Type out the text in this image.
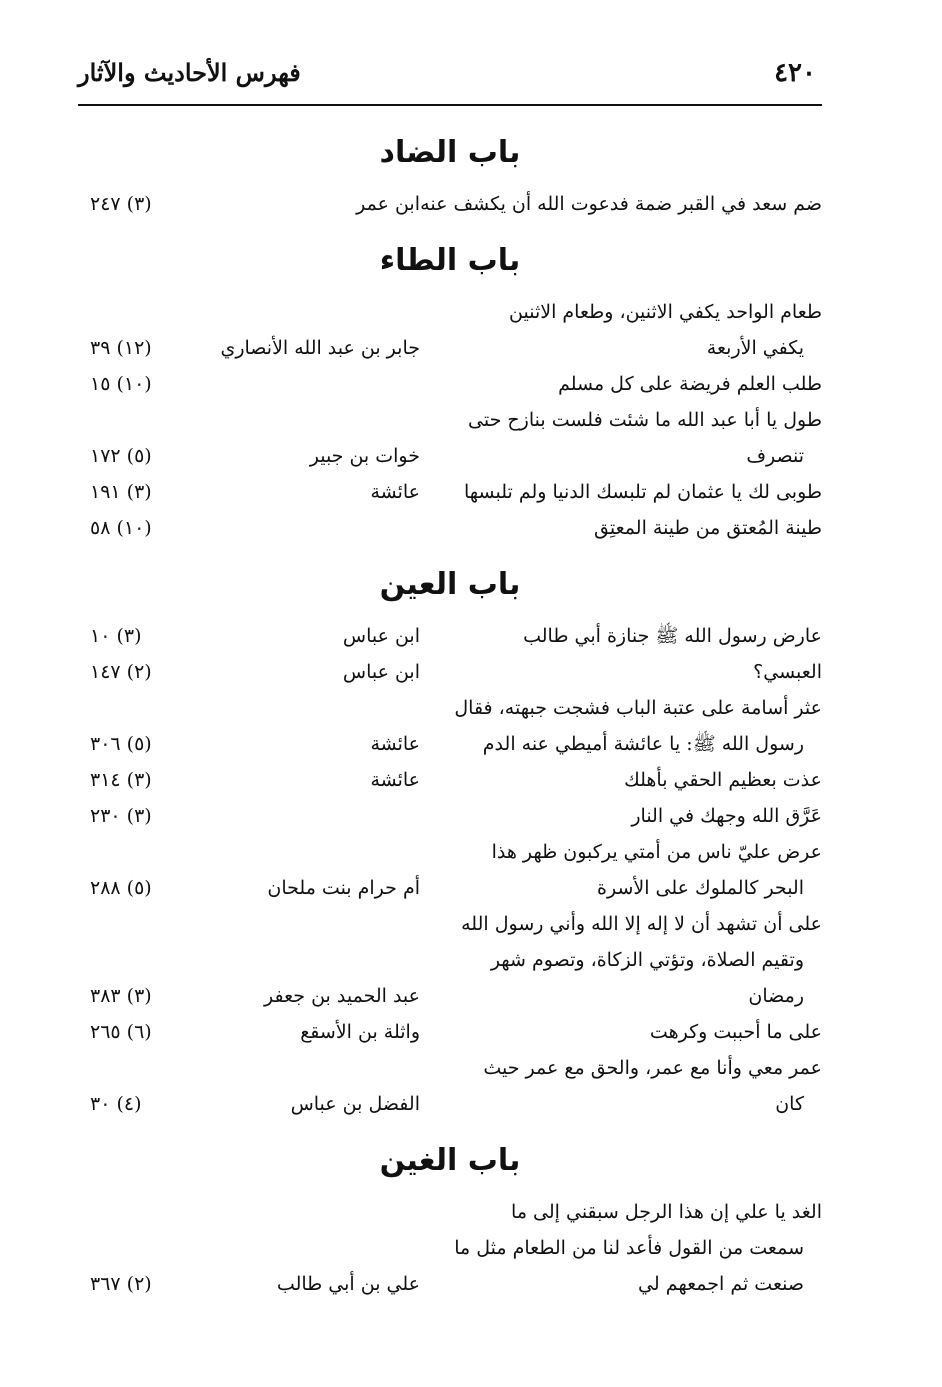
٤٢٠
فهرس الأحاديث والآثار
باب الضاد
ضم سعد في القبر ضمة فدعوت الله أن يكشف عنه
ابن عمر
(٣) ٢٤٧
باب الطاء
طعام الواحد يكفي الاثنين، وطعام الاثنين
يكفي الأربعة
جابر بن عبد الله الأنصاري
(١٢) ٣٩
طلب العلم فريضة على كل مسلم
(١٠) ١٥
طول يا أبا عبد الله ما شئت فلست بنازح حتى
تنصرف
خوات بن جبير
(٥) ١٧٢
طوبى لك يا عثمان لم تلبسك الدنيا ولم تلبسها
عائشة
(٣) ١٩١
طينة المُعتق من طينة المعتِق
(١٠) ٥٨
باب العين
عارض رسول الله ﷺ جنازة أبي طالب
ابن عباس
(٣) ١٠
العبسي؟
ابن عباس
(٢) ١٤٧
عثر أسامة على عتبة الباب فشجت جبهته، فقال
رسول الله ﷺ: يا عائشة أميطي عنه الدم
عائشة
(٥) ٣٠٦
عذت بعظيم الحقي بأهلك
عائشة
(٣) ٣١٤
عَرَّق الله وجهك في النار
(٣) ٢٣٠
عرض عليّ ناس من أمتي يركبون ظهر هذا
البحر كالملوك على الأسرة
أم حرام بنت ملحان
(٥) ٢٨٨
على أن تشهد أن لا إله إلا الله وأني رسول الله
وتقيم الصلاة، وتؤتي الزكاة، وتصوم شهر
رمضان
عبد الحميد بن جعفر
(٣) ٣٨٣
على ما أحببت وكرهت
واثلة بن الأسقع
(٦) ٢٦٥
عمر معي وأنا مع عمر، والحق مع عمر حيث
كان
الفضل بن عباس
(٤) ٣٠
باب الغين
الغد يا علي إن هذا الرجل سبقني إلى ما
سمعت من القول فأعد لنا من الطعام مثل ما
صنعت ثم اجمعهم لي
علي بن أبي طالب
(٢) ٣٦٧
